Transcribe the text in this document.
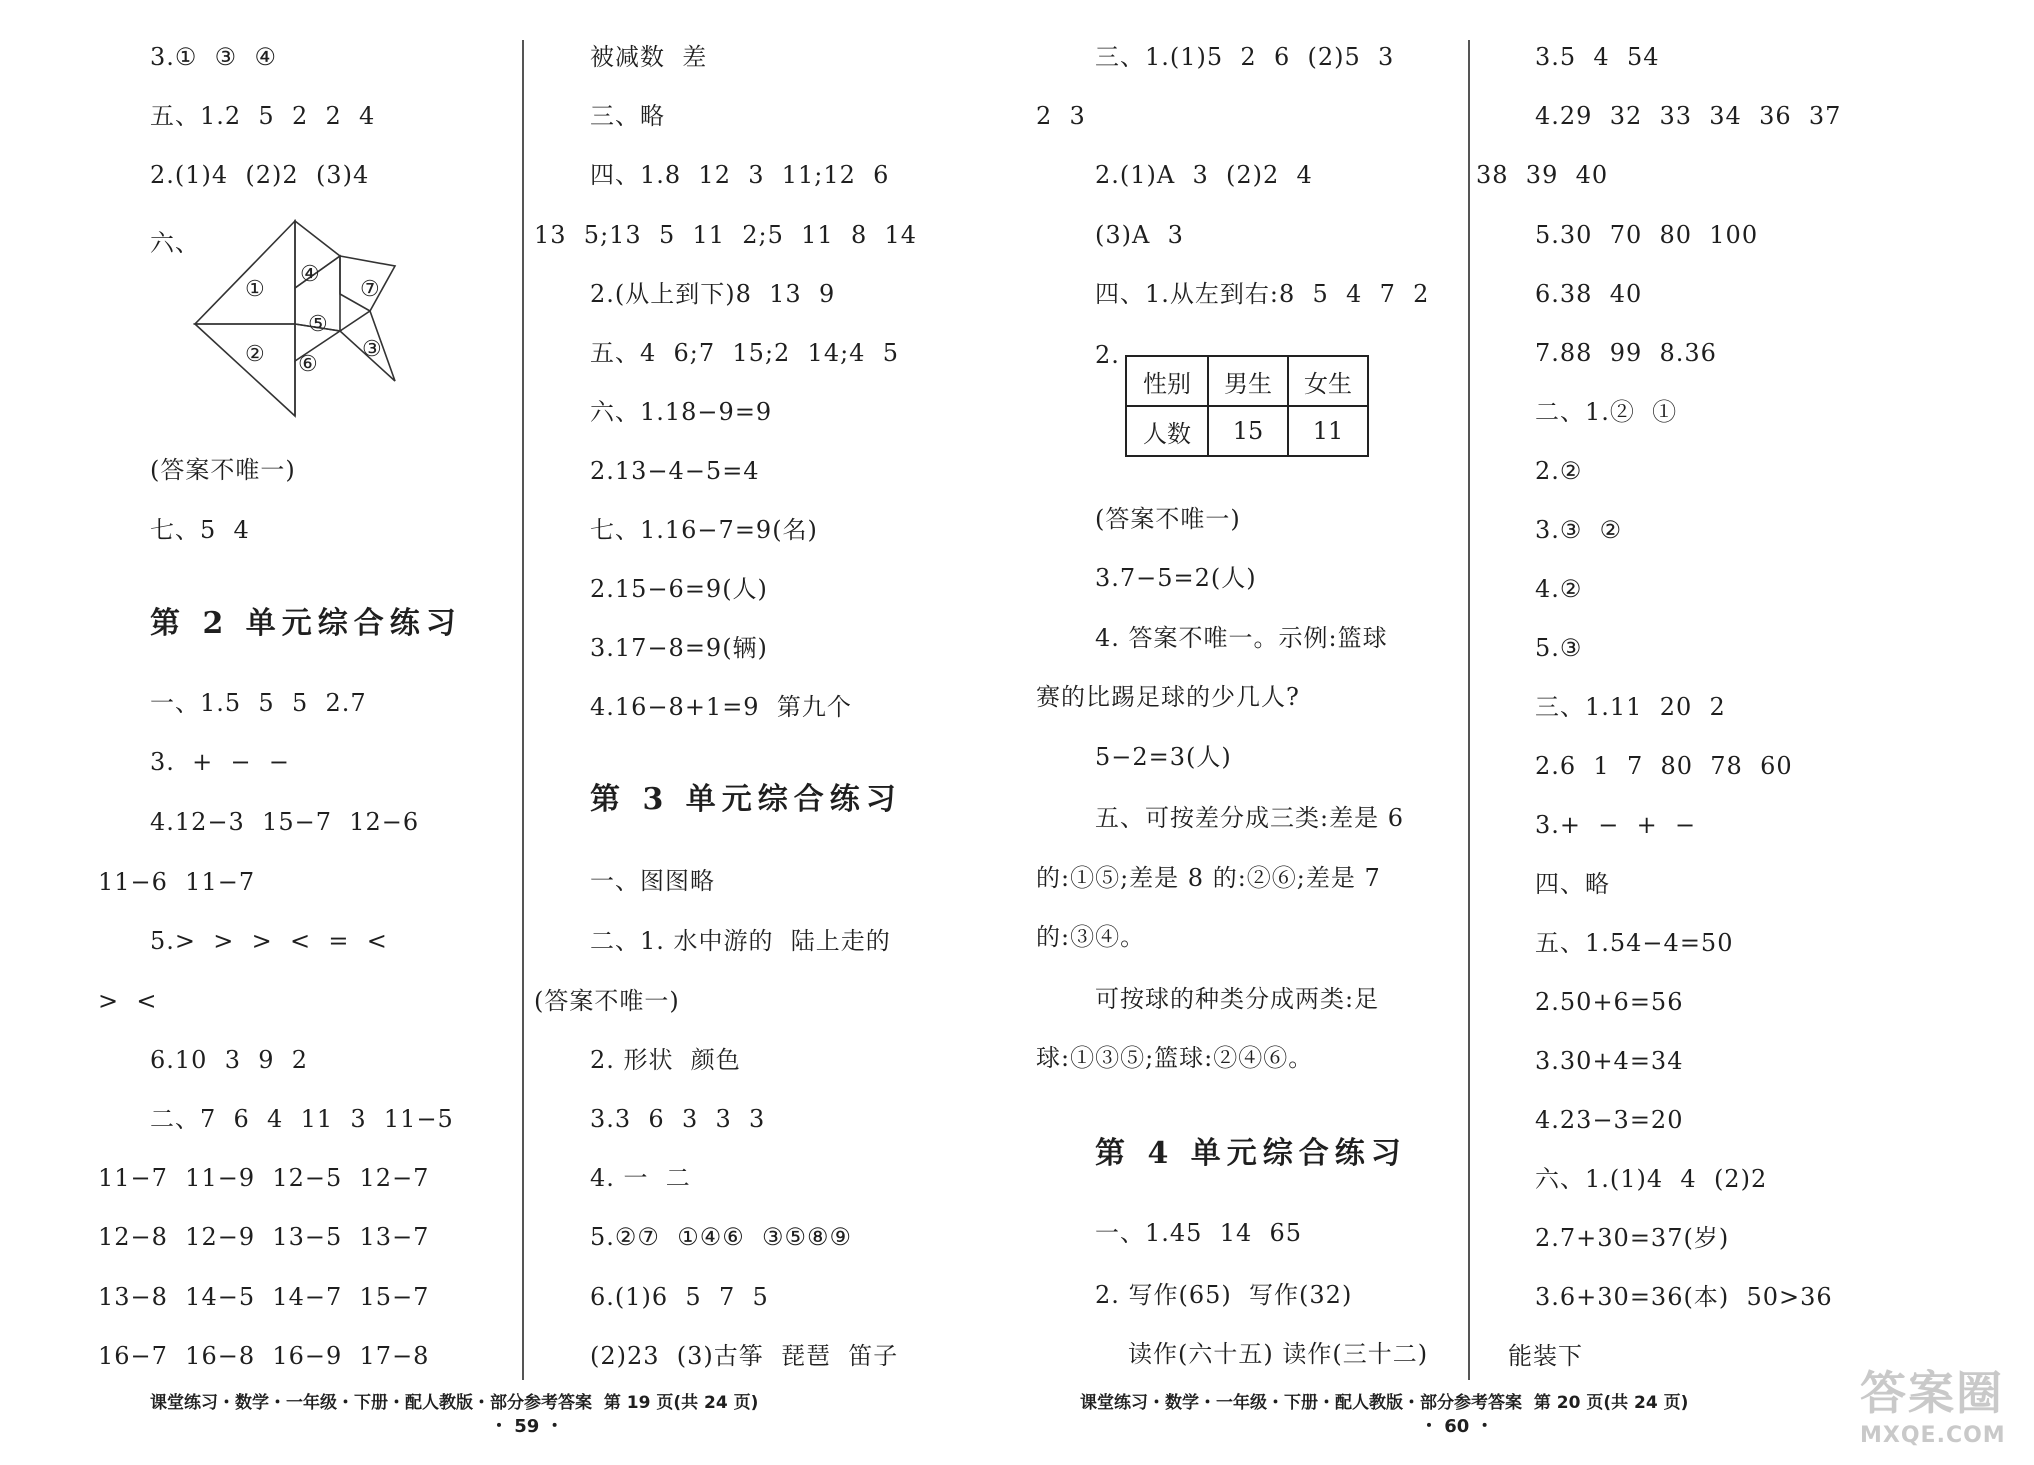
3.①  ③  ④
五、1.2  5  2  2  4
2.(1)4  (2)2  (3)4
六、
①
②	③
④
⑤
⑥
⑦
(答案不唯一)
七、5  4
第 2 单元综合练习
一、1.5  5  5  2.7
3.  +  −  −
4.12−3  15−7  12−6
11−6  11−7
5.>  >  >  <  =  <
>  <
6.10  3  9  2
二、7  6  4  11  3  11−5
11−7  11−9  12−5  12−7
12−8  12−9  13−5  13−7
13−8  14−5  14−7  15−7
16−7  16−8  16−9  17−8
被减数  差
三、略
四、1.8  12  3  11;12  6
13  5;13  5  11  2;5  11  8  14
2.(从上到下)8  13  9
五、4  6;7  15;2  14;4  5
六、1.18−9=9
2.13−4−5=4
七、1.16−7=9(名)
2.15−6=9(人)
3.17−8=9(辆)
4.16−8+1=9  第九个
第 3 单元综合练习
一、图图略
二、1. 水中游的  陆上走的
(答案不唯一)
2. 形状  颜色
3.3  6  3  3  3
4. 一  二
5.②⑦  ①④⑥  ③⑤⑧⑨
6.(1)6  5  7  5
(2)23  (3)古筝  琵琶  笛子
三、1.(1)5  2  6  (2)5  3
2  3
2.(1)A  3  (2)2  4
(3)A  3
四、1.从左到右:8  5  4  7  2
2.
性别	男生	女生
人数	15	11
(答案不唯一)
3.7−5=2(人)
4. 答案不唯一。示例:篮球
赛的比踢足球的少几人?
5−2=3(人)
五、可按差分成三类:差是 6
的:①⑤;差是 8 的:②⑥;差是 7
的:③④。
可按球的种类分成两类:足
球:①③⑤;篮球:②④⑥。
第 4 单元综合练习
一、1.45  14  65
2. 写作(65)  写作(32)
读作(六十五) 读作(三十二)
3.5  4  54
4.29  32  33  34  36  37
38  39  40
5.30  70  80  100
6.38  40
7.88  99  8.36
二、1.②  ①
2.②
3.③  ②
4.②
5.③
三、1.11  20  2
2.6  1  7  80  78  60
3.+  −  +  −
四、略
五、1.54−4=50
2.50+6=56
3.30+4=34
4.23−3=20
六、1.(1)4  4  (2)2
2.7+30=37(岁)
3.6+30=36(本)  50>36
能装下
课堂练习・数学・一年级・下册・配人教版・部分参考答案  第 19 页(共 24 页)
・ 59 ・
课堂练习・数学・一年级・下册・配人教版・部分参考答案  第 20 页(共 24 页)
・ 60 ・
答案圈
MXQE.COM
